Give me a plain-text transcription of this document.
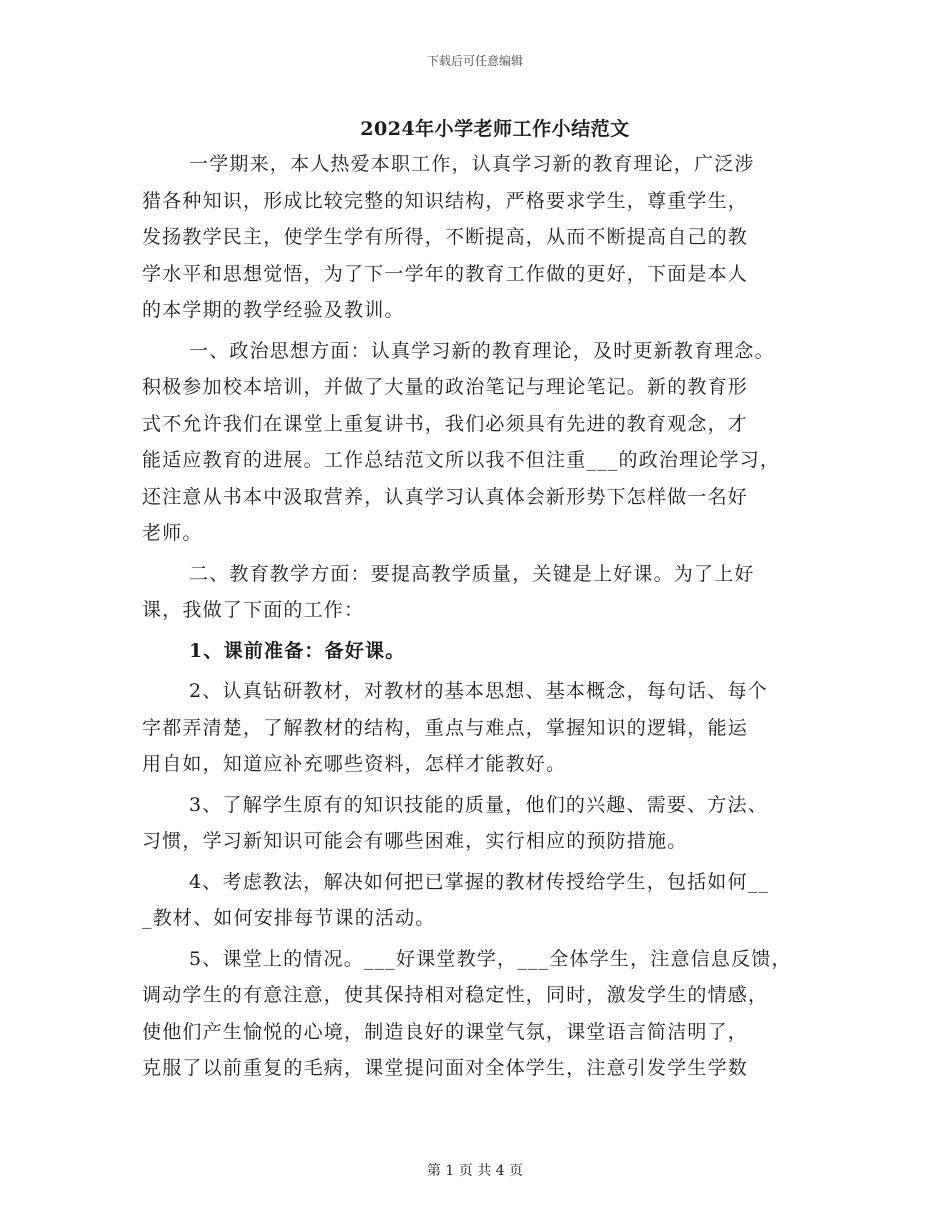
下载后可任意编辑
2024年小学老师工作小结范文
一学期来，本人热爱本职工作，认真学习新的教育理论，广泛涉
猎各种知识，形成比较完整的知识结构，严格要求学生，尊重学生，
发扬教学民主，使学生学有所得，不断提高，从而不断提高自己的教
学水平和思想觉悟，为了下一学年的教育工作做的更好，下面是本人
的本学期的教学经验及教训。
一、政治思想方面：认真学习新的教育理论，及时更新教育理念。
积极参加校本培训，并做了大量的政治笔记与理论笔记。新的教育形
式不允许我们在课堂上重复讲书，我们必须具有先进的教育观念，才
能适应教育的进展。工作总结范文所以我不但注重___的政治理论学习，
还注意从书本中汲取营养，认真学习认真体会新形势下怎样做一名好
老师。
二、教育教学方面：要提高教学质量，关键是上好课。为了上好
课，我做了下面的工作：
1、课前准备：备好课。
2、认真钻研教材，对教材的基本思想、基本概念，每句话、每个
字都弄清楚，了解教材的结构，重点与难点，掌握知识的逻辑，能运
用自如，知道应补充哪些资料，怎样才能教好。
3、了解学生原有的知识技能的质量，他们的兴趣、需要、方法、
习惯，学习新知识可能会有哪些困难，实行相应的预防措施。
4、考虑教法，解决如何把已掌握的教材传授给学生，包括如何__
_教材、如何安排每节课的活动。
5、课堂上的情况。___好课堂教学，___全体学生，注意信息反馈，
调动学生的有意注意，使其保持相对稳定性，同时，激发学生的情感，
使他们产生愉悦的心境，制造良好的课堂气氛，课堂语言简洁明了，
克服了以前重复的毛病，课堂提问面对全体学生，注意引发学生学数
第 1 页 共 4 页
